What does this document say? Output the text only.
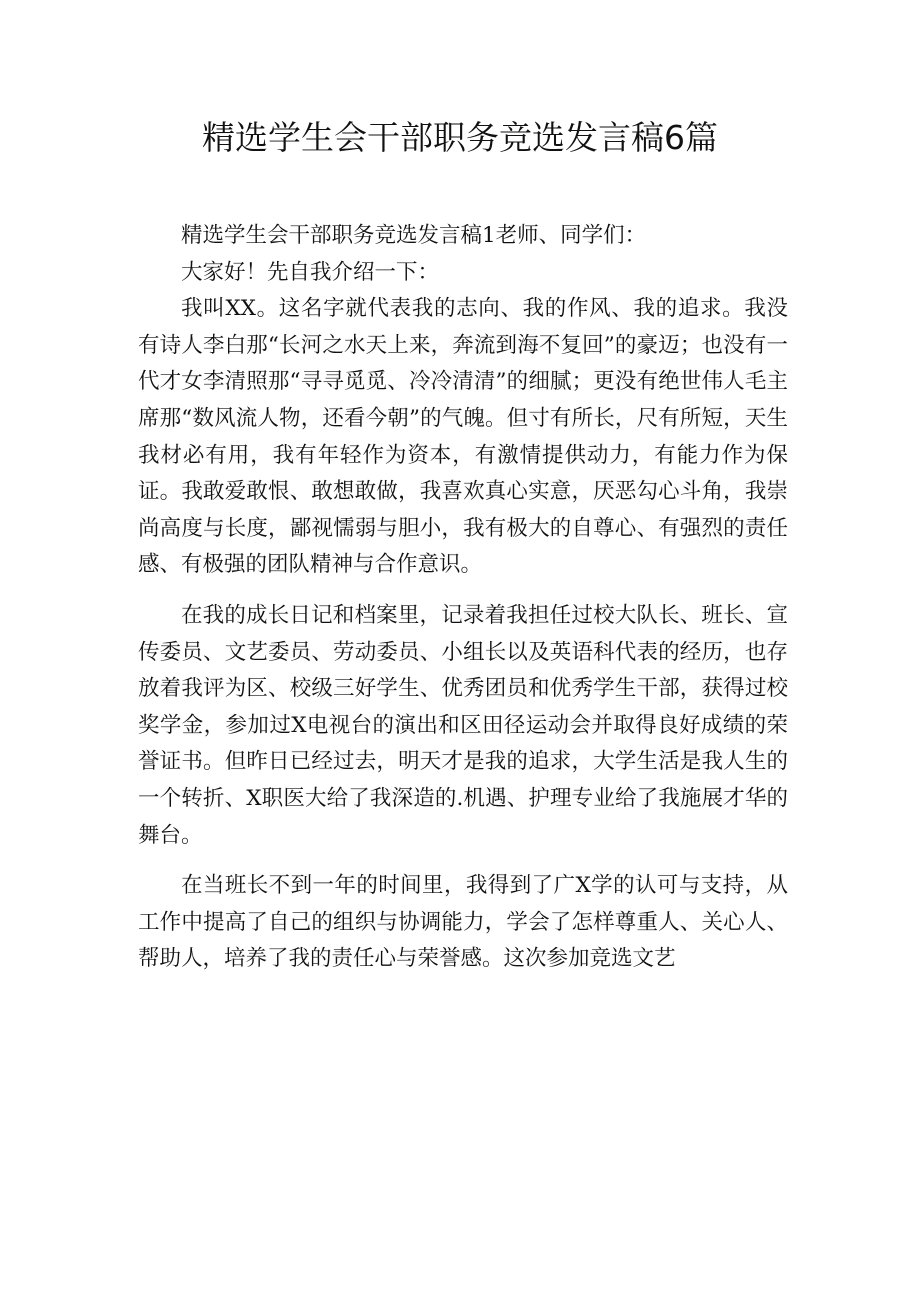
精选学生会干部职务竞选发言稿6篇

精选学生会干部职务竞选发言稿1老师、同学们：

大家好！先自我介绍一下：

我叫XX。这名字就代表我的志向、我的作风、我的追求。我没有诗人李白那“长河之水天上来，奔流到海不复回”的豪迈；也没有一代才女李清照那“寻寻觅觅、冷冷清清”的细腻；更没有绝世伟人毛主席那“数风流人物，还看今朝”的气魄。但寸有所长，尺有所短，天生我材必有用，我有年轻作为资本，有激情提供动力，有能力作为保证。我敢爱敢恨、敢想敢做，我喜欢真心实意，厌恶勾心斗角，我崇尚高度与长度，鄙视懦弱与胆小，我有极大的自尊心、有强烈的责任感、有极强的团队精神与合作意识。

在我的成长日记和档案里，记录着我担任过校大队长、班长、宣传委员、文艺委员、劳动委员、小组长以及英语科代表的经历，也存放着我评为区、校级三好学生、优秀团员和优秀学生干部，获得过校奖学金，参加过X电视台的演出和区田径运动会并取得良好成绩的荣誉证书。但昨日已经过去，明天才是我的追求，大学生活是我人生的一个转折、X职医大给了我深造的.机遇、护理专业给了我施展才华的舞台。

在当班长不到一年的时间里，我得到了广X学的认可与支持，从工作中提高了自己的组织与协调能力，学会了怎样尊重人、关心人、帮助人，培养了我的责任心与荣誉感。这次参加竞选文艺
